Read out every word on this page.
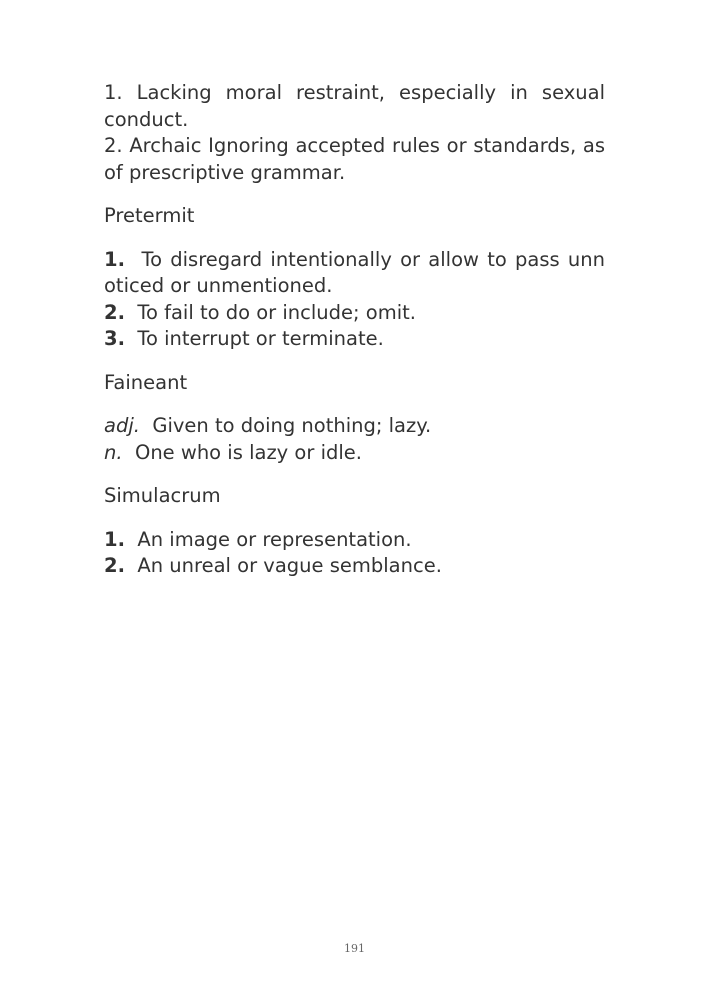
1. Lacking moral restraint, especially in sexual conduct.

2. Archaic Ignoring accepted rules or standards, as of prescriptive grammar.

Pretermit

1. To disregard intentionally or allow to pass unn oticed or unmentioned.

2. To fail to do or include; omit.

3. To interrupt or terminate.

Faineant

adj. Given to doing nothing; lazy.

n. One who is lazy or idle.

Simulacrum

1. An image or representation.

2. An unreal or vague semblance.

191
